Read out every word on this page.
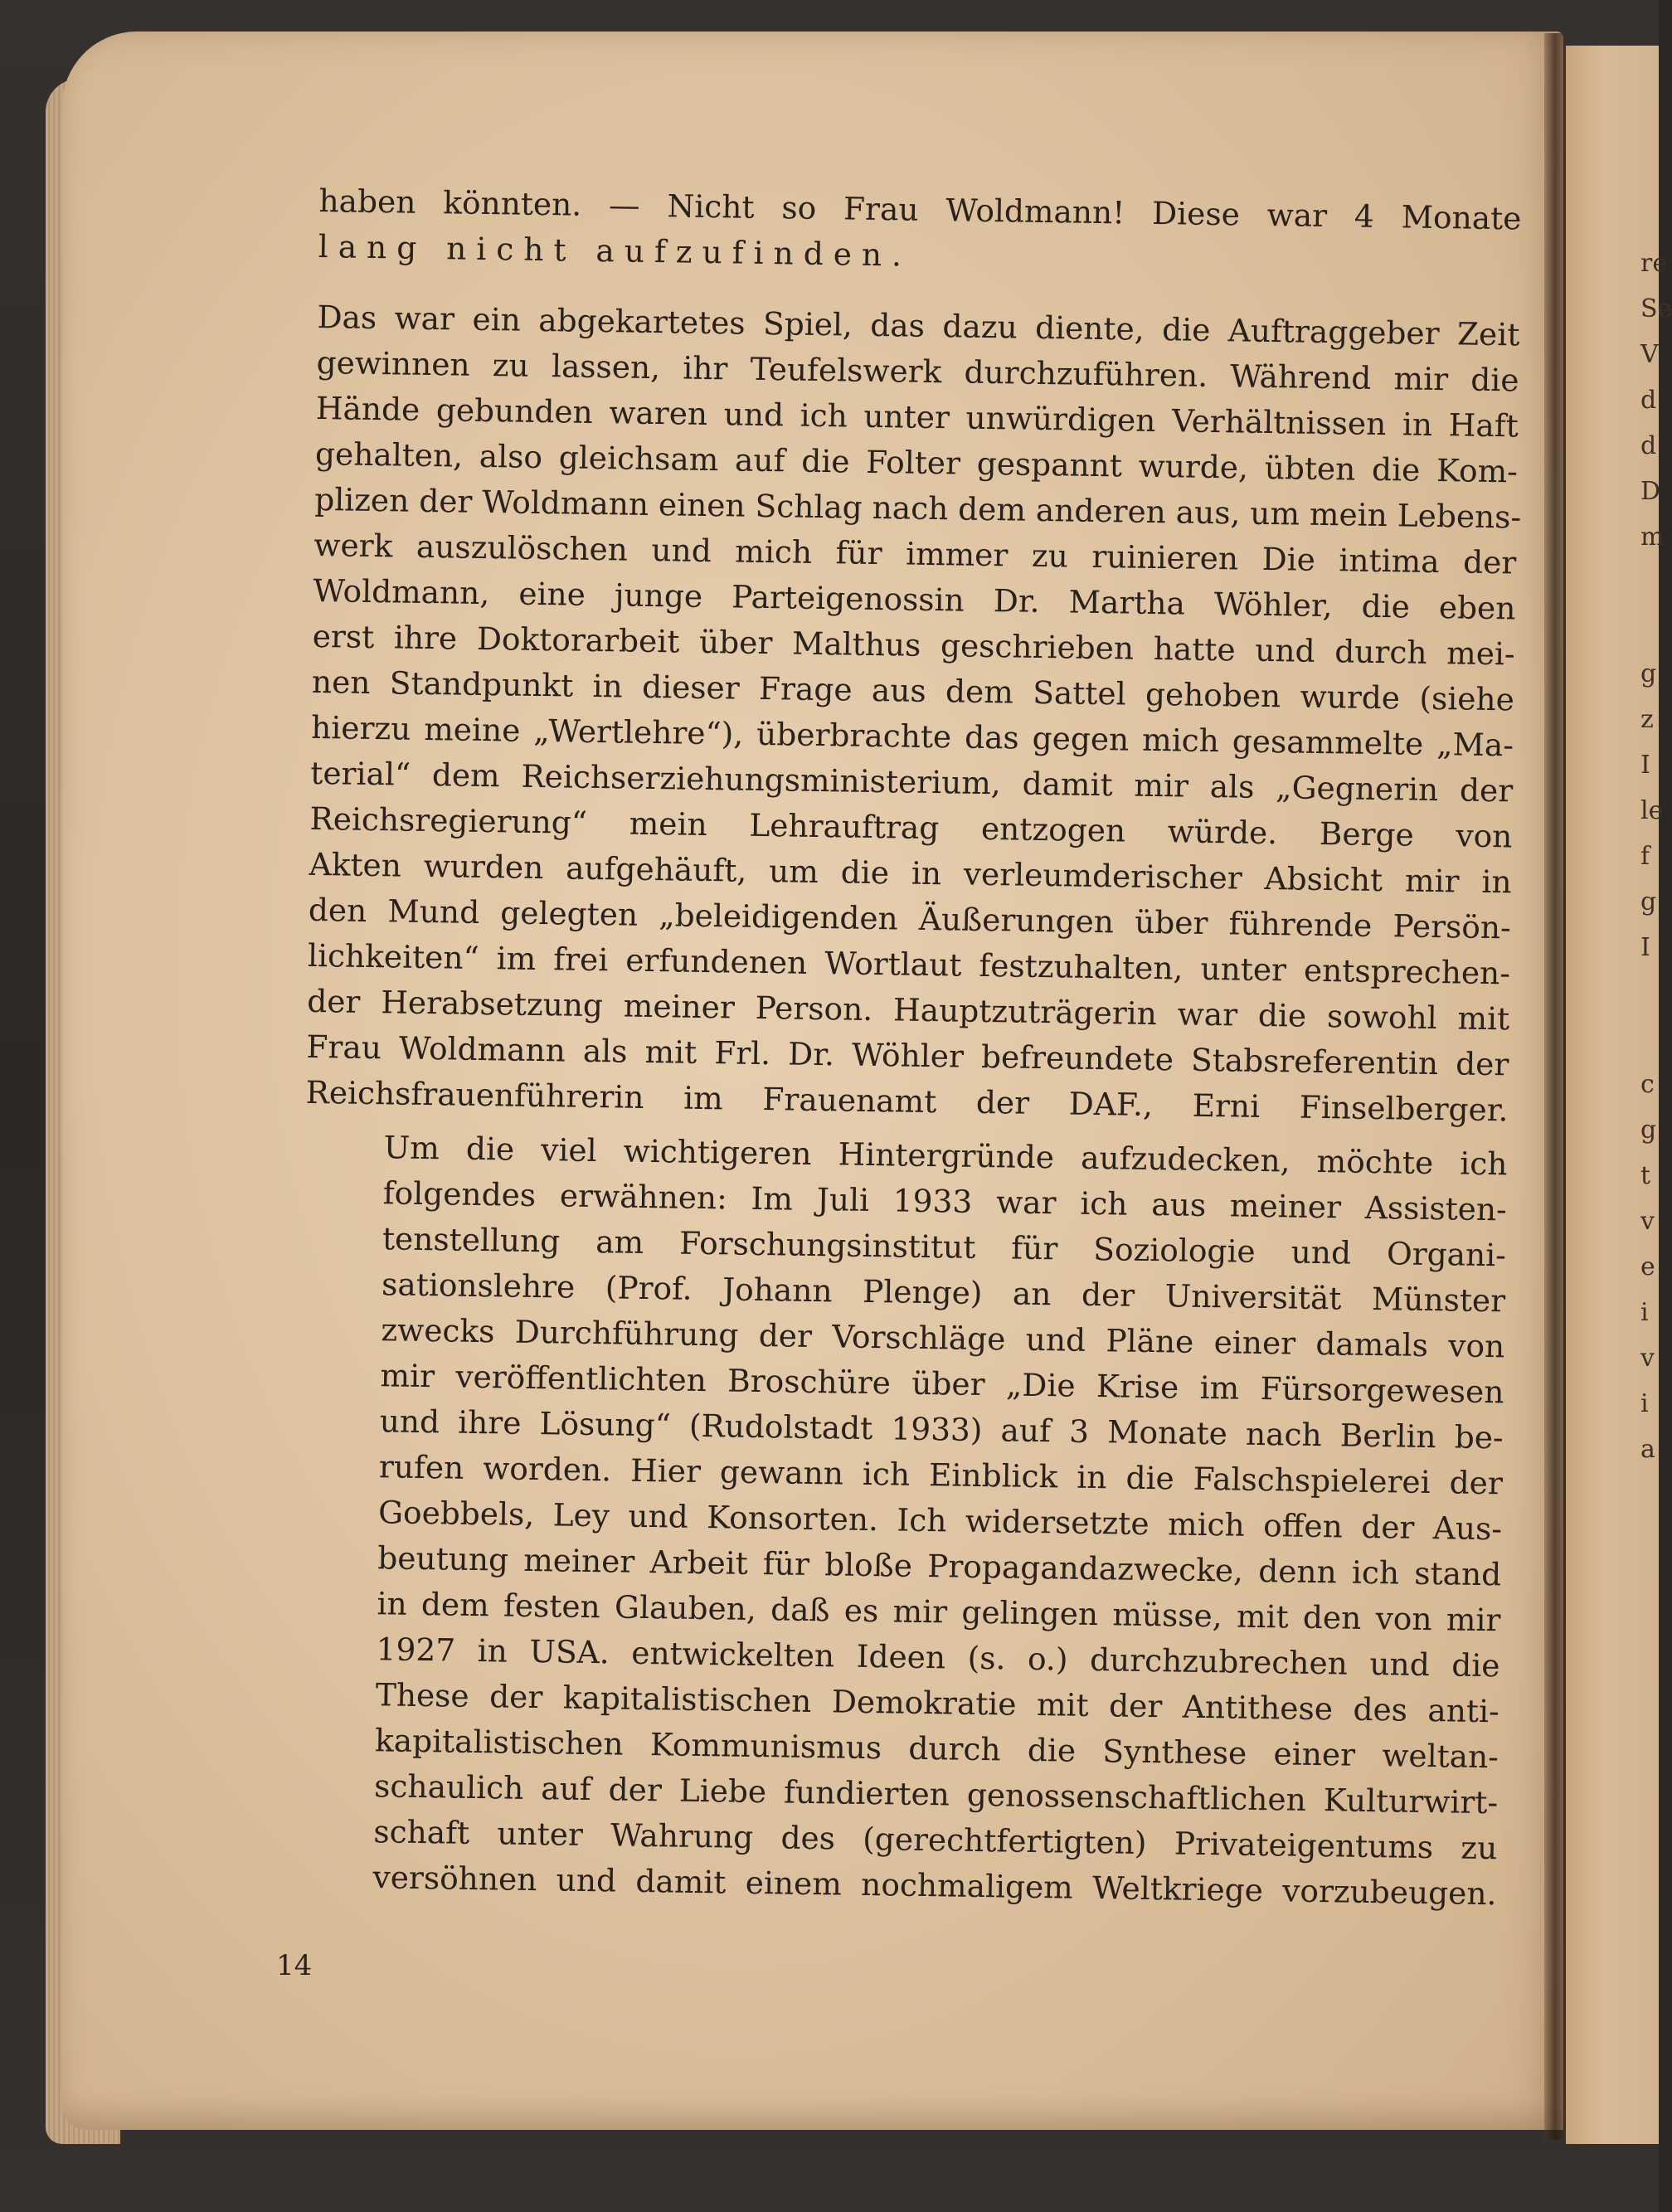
re
Se
V
d
d
D
m
g
z
I
le
f
g
I
c
g
t
v
e
i
v
i
a
haben könnten. — Nicht so Frau Woldmann! Diese war 4 Monate
lang nicht aufzufinden.
Das war ein abgekartetes Spiel, das dazu diente, die Auftraggeber Zeit
gewinnen zu lassen, ihr Teufelswerk durchzuführen. Während mir die
Hände gebunden waren und ich unter unwürdigen Verhältnissen in Haft
gehalten, also gleichsam auf die Folter gespannt wurde, übten die Kom-
plizen der Woldmann einen Schlag nach dem anderen aus, um mein Lebens-
werk auszulöschen und mich für immer zu ruinieren Die intima der
Woldmann, eine junge Parteigenossin Dr. Martha Wöhler, die eben
erst ihre Doktorarbeit über Malthus geschrieben hatte und durch mei-
nen Standpunkt in dieser Frage aus dem Sattel gehoben wurde (siehe
hierzu meine „Wertlehre“), überbrachte das gegen mich gesammelte „Ma-
terial“ dem Reichserziehungsministerium, damit mir als „Gegnerin der
Reichsregierung“ mein Lehrauftrag entzogen würde. Berge von
Akten wurden aufgehäuft, um die in verleumderischer Absicht mir in
den Mund gelegten „beleidigenden Äußerungen über führende Persön-
lichkeiten“ im frei erfundenen Wortlaut festzuhalten, unter entsprechen-
der Herabsetzung meiner Person. Hauptzuträgerin war die sowohl mit
Frau Woldmann als mit Frl. Dr. Wöhler befreundete Stabsreferentin der
Reichsfrauenführerin im Frauenamt der DAF., Erni Finselberger.
Um die viel wichtigeren Hintergründe aufzudecken, möchte ich
folgendes erwähnen: Im Juli 1933 war ich aus meiner Assisten-
tenstellung am Forschungsinstitut für Soziologie und Organi-
sationslehre (Prof. Johann Plenge) an der Universität Münster
zwecks Durchführung der Vorschläge und Pläne einer damals von
mir veröffentlichten Broschüre über „Die Krise im Fürsorgewesen
und ihre Lösung“ (Rudolstadt 1933) auf 3 Monate nach Berlin be-
rufen worden. Hier gewann ich Einblick in die Falschspielerei der
Goebbels, Ley und Konsorten. Ich widersetzte mich offen der Aus-
beutung meiner Arbeit für bloße Propagandazwecke, denn ich stand
in dem festen Glauben, daß es mir gelingen müsse, mit den von mir
1927 in USA. entwickelten Ideen (s. o.) durchzubrechen und die
These der kapitalistischen Demokratie mit der Antithese des anti-
kapitalistischen Kommunismus durch die Synthese einer weltan-
schaulich auf der Liebe fundierten genossenschaftlichen Kulturwirt-
schaft unter Wahrung des (gerechtfertigten) Privateigentums zu
versöhnen und damit einem nochmaligem Weltkriege vorzubeugen.
14
